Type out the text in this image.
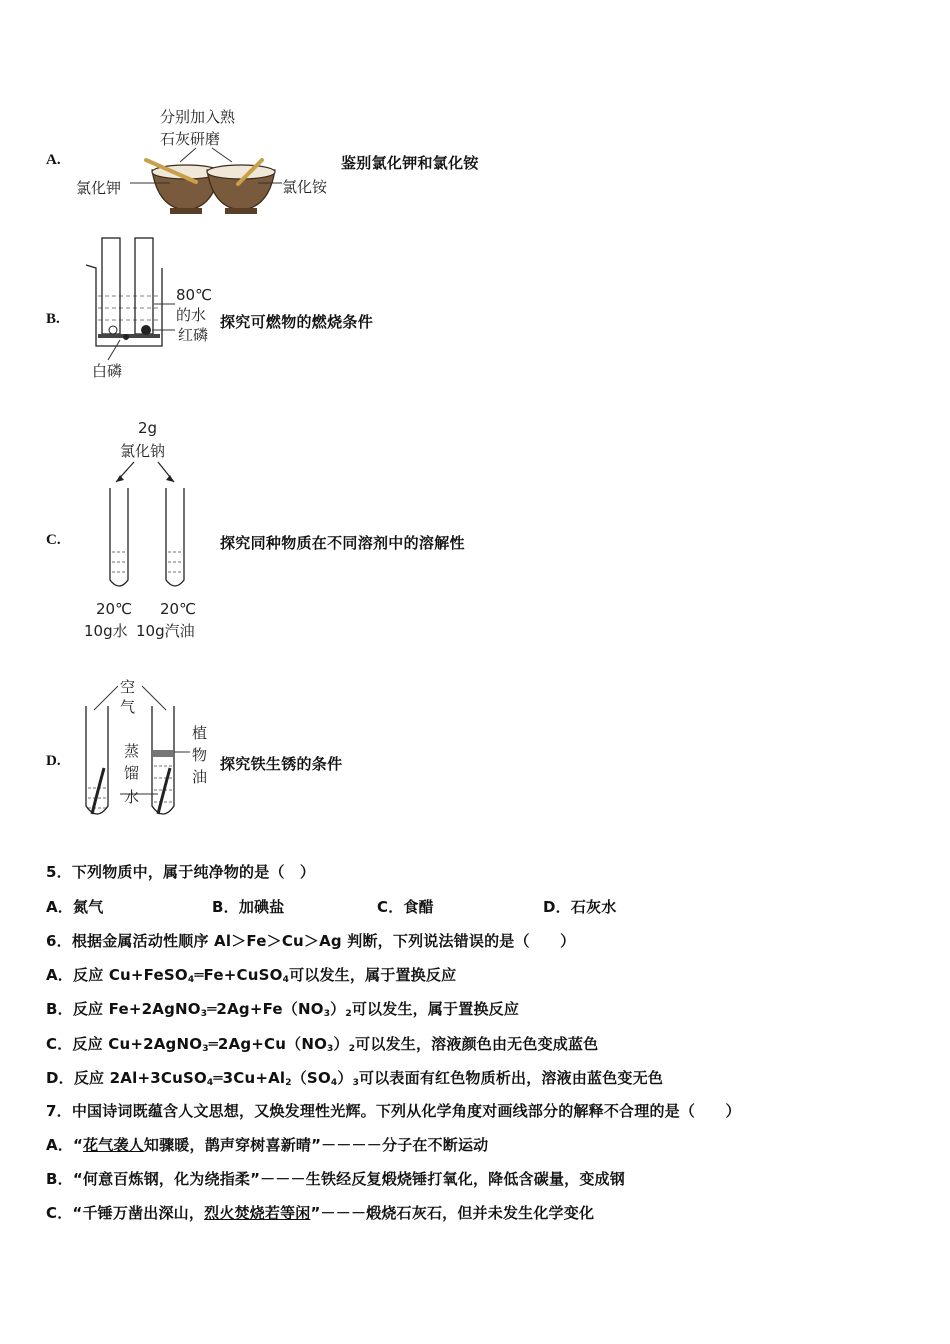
A.
分别加入熟
石灰研磨
氯化钾	氯化铵
鉴别氯化钾和氯化铵
B.
80℃
的水
红磷
白磷
探究可燃物的燃烧条件
C.
2g
氯化钠
20℃
10g水
20℃
10g汽油
探究同种物质在不同溶剂中的溶解性
D.
空
气
蒸
馏
水
植
物
油
探究铁生锈的条件
5．下列物质中，属于纯净物的是（　）
A．氮气	B．加碘盐	C．食醋	D．石灰水
6．根据金属活动性顺序 Al＞Fe＞Cu＞Ag 判断，下列说法错误的是（　　）
A．反应 Cu+FeSO$_4$═Fe+CuSO$_4$可以发生，属于置换反应
B．反应 $Fe+2AgNO_3═2Ag+Fe(NO_3)_2$可以发生，属于置换反应
C．反应 $Cu+2AgNO_3═2Ag+Cu(NO_3)_2$可以发生，溶液颜色由无色变成蓝色
D．反应 $2Al+3CuSO_4═3Cu+Al_2(SO_4)_3$可以表面有红色物质析出，溶液由蓝色变无色
7．中国诗词既蕴含人文思想，又焕发理性光辉。下列从化学角度对画线部分的解释不合理的是（　　）
A．“花气袭人知骤暖，鹊声穿树喜新晴”－－－－分子在不断运动
B．“何意百炼钢，化为绕指柔”－－－生铁经反复煅烧锤打氧化，降低含碳量，变成钢
C．“千锤万凿出深山，烈火焚烧若等闲”－－－煅烧石灰石，但并未发生化学变化
